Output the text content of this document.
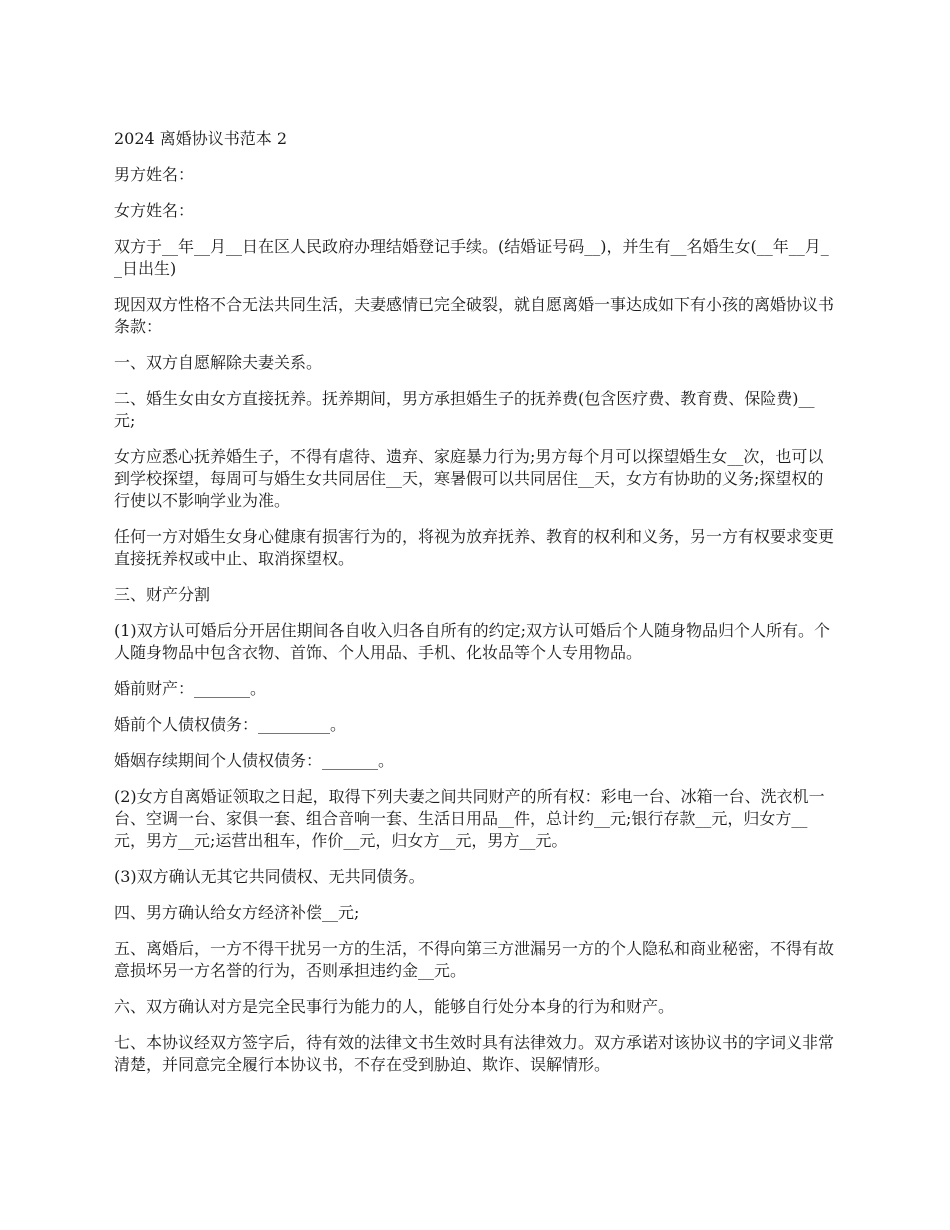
2024 离婚协议书范本 2

男方姓名：

女方姓名：

双方于__年__月__日在区人民政府办理结婚登记手续。(结婚证号码__)，并生有__名婚生女(__年__月__日出生)

现因双方性格不合无法共同生活，夫妻感情已完全破裂，就自愿离婚一事达成如下有小孩的离婚协议书条款：

一、双方自愿解除夫妻关系。

二、婚生女由女方直接抚养。抚养期间，男方承担婚生子的抚养费(包含医疗费、教育费、保险费)__元;

女方应悉心抚养婚生子，不得有虐待、遗弃、家庭暴力行为;男方每个月可以探望婚生女__次，也可以到学校探望，每周可与婚生女共同居住__天，寒暑假可以共同居住__天，女方有协助的义务;探望权的行使以不影响学业为准。

任何一方对婚生女身心健康有损害行为的，将视为放弃抚养、教育的权利和义务，另一方有权要求变更直接抚养权或中止、取消探望权。

三、财产分割

(1)双方认可婚后分开居住期间各自收入归各自所有的约定;双方认可婚后个人随身物品归个人所有。个人随身物品中包含衣物、首饰、个人用品、手机、化妆品等个人专用物品。

婚前财产：_______。

婚前个人债权债务：_________。

婚姻存续期间个人债权债务：_______。

(2)女方自离婚证领取之日起，取得下列夫妻之间共同财产的所有权：彩电一台、冰箱一台、洗衣机一台、空调一台、家俱一套、组合音响一套、生活日用品__件，总计约__元;银行存款__元，归女方__元，男方__元;运营出租车，作价__元，归女方__元，男方__元。

(3)双方确认无其它共同债权、无共同债务。

四、男方确认给女方经济补偿__元;

五、离婚后，一方不得干扰另一方的生活，不得向第三方泄漏另一方的个人隐私和商业秘密，不得有故意损坏另一方名誉的行为，否则承担违约金__元。

六、双方确认对方是完全民事行为能力的人，能够自行处分本身的行为和财产。

七、本协议经双方签字后，待有效的法律文书生效时具有法律效力。双方承诺对该协议书的字词义非常清楚，并同意完全履行本协议书，不存在受到胁迫、欺诈、误解情形。
